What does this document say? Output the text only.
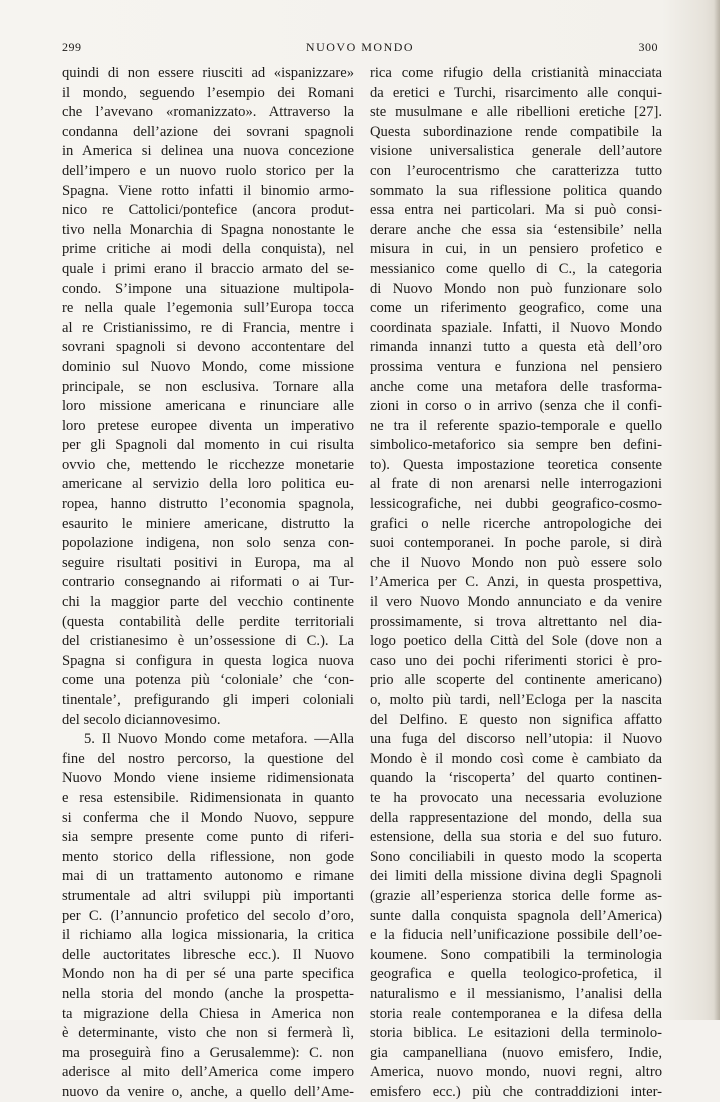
299	NUOVO MONDO	300
quindi di non essere riusciti ad «ispanizzare»
il mondo, seguendo l’esempio dei Romani
che l’avevano «romanizzato». Attraverso la
condanna dell’azione dei sovrani spagnoli
in America si delinea una nuova concezione
dell’impero e un nuovo ruolo storico per la
Spagna. Viene rotto infatti il binomio armo-
nico re Cattolici/pontefice (ancora produt-
tivo nella Monarchia di Spagna nonostante le
prime critiche ai modi della conquista), nel
quale i primi erano il braccio armato del se-
condo. S’impone una situazione multipola-
re nella quale l’egemonia sull’Europa tocca
al re Cristianissimo, re di Francia, mentre i
sovrani spagnoli si devono accontentare del
dominio sul Nuovo Mondo, come missione
principale, se non esclusiva. Tornare alla
loro missione americana e rinunciare alle
loro pretese europee diventa un imperativo
per gli Spagnoli dal momento in cui risulta
ovvio che, mettendo le ricchezze monetarie
americane al servizio della loro politica eu-
ropea, hanno distrutto l’economia spagnola,
esaurito le miniere americane, distrutto la
popolazione indigena, non solo senza con-
seguire risultati positivi in Europa, ma al
contrario consegnando ai riformati o ai Tur-
chi la maggior parte del vecchio continente
(questa contabilità delle perdite territoriali
del cristianesimo è un’ossessione di C.). La
Spagna si configura in questa logica nuova
come una potenza più ‘coloniale’ che ‘con-
tinentale’, prefigurando gli imperi coloniali
del secolo diciannovesimo.
5. Il Nuovo Mondo come metafora. —Alla
fine del nostro percorso, la questione del
Nuovo Mondo viene insieme ridimensionata
e resa estensibile. Ridimensionata in quanto
si conferma che il Mondo Nuovo, seppure
sia sempre presente come punto di riferi-
mento storico della riflessione, non gode
mai di un trattamento autonomo e rimane
strumentale ad altri sviluppi più importanti
per C. (l’annuncio profetico del secolo d’oro,
il richiamo alla logica missionaria, la critica
delle auctoritates libresche ecc.). Il Nuovo
Mondo non ha di per sé una parte specifica
nella storia del mondo (anche la prospetta-
ta migrazione della Chiesa in America non
è determinante, visto che non si fermerà lì,
ma proseguirà fino a Gerusalemme): C. non
aderisce al mito dell’America come impero
nuovo da venire o, anche, a quello dell’Ame-
rica come rifugio della cristianità minacciata
da eretici e Turchi, risarcimento alle conqui-
ste musulmane e alle ribellioni eretiche [27].
Questa subordinazione rende compatibile la
visione universalistica generale dell’autore
con l’eurocentrismo che caratterizza tutto
sommato la sua riflessione politica quando
essa entra nei particolari. Ma si può consi-
derare anche che essa sia ‘estensibile’ nella
misura in cui, in un pensiero profetico e
messianico come quello di C., la categoria
di Nuovo Mondo non può funzionare solo
come un riferimento geografico, come una
coordinata spaziale. Infatti, il Nuovo Mondo
rimanda innanzi tutto a questa età dell’oro
prossima ventura e funziona nel pensiero
anche come una metafora delle trasforma-
zioni in corso o in arrivo (senza che il confi-
ne tra il referente spazio-temporale e quello
simbolico-metaforico sia sempre ben defini-
to). Questa impostazione teoretica consente
al frate di non arenarsi nelle interrogazioni
lessicografiche, nei dubbi geografico-cosmo-
grafici o nelle ricerche antropologiche dei
suoi contemporanei. In poche parole, si dirà
che il Nuovo Mondo non può essere solo
l’America per C. Anzi, in questa prospettiva,
il vero Nuovo Mondo annunciato e da venire
prossimamente, si trova altrettanto nel dia-
logo poetico della Città del Sole (dove non a
caso uno dei pochi riferimenti storici è pro-
prio alle scoperte del continente americano)
o, molto più tardi, nell’Ecloga per la nascita
del Delfino. E questo non significa affatto
una fuga del discorso nell’utopia: il Nuovo
Mondo è il mondo così come è cambiato da
quando la ‘riscoperta’ del quarto continen-
te ha provocato una necessaria evoluzione
della rappresentazione del mondo, della sua
estensione, della sua storia e del suo futuro.
Sono conciliabili in questo modo la scoperta
dei limiti della missione divina degli Spagnoli
(grazie all’esperienza storica delle forme as-
sunte dalla conquista spagnola dell’America)
e la fiducia nell’unificazione possibile dell’oe-
koumene. Sono compatibili la terminologia
geografica e quella teologico-profetica, il
naturalismo e il messianismo, l’analisi della
storia reale contemporanea e la difesa della
storia biblica. Le esitazioni della terminolo-
gia campanelliana (nuovo emisfero, Indie,
America, nuovo mondo, nuovi regni, altro
emisfero ecc.) più che contraddizioni inter-
